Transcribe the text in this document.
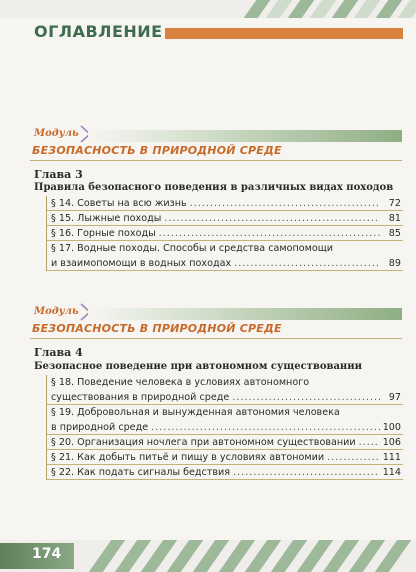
ОГЛАВЛЕНИЕ
Модуль
БЕЗОПАСНОСТЬ В ПРИРОДНОЙ СРЕДЕ
Глава 3
Правила безопасного поведения в различных видах походов
§ 14. Советы на всю жизнь .....	72
§ 15. Лыжные походы .....	81
§ 16. Горные походы .....	85
§ 17. Водные походы. Способы и средства самопомощи
и взаимопомощи в водных походах .....	89
Модуль
БЕЗОПАСНОСТЬ В ПРИРОДНОЙ СРЕДЕ
Глава 4
Безопасное поведение при автономном существовании
§ 18. Поведение человека в условиях автономного
существования в природной среде .....	97
§ 19. Добровольная и вынужденная автономия человека
в природной среде .....	100
§ 20. Организация ночлега при автономном существовании .....	106
§ 21. Как добыть питьё и пищу в условиях автономии .....	111
§ 22. Как подать сигналы бедствия .....	114
174
